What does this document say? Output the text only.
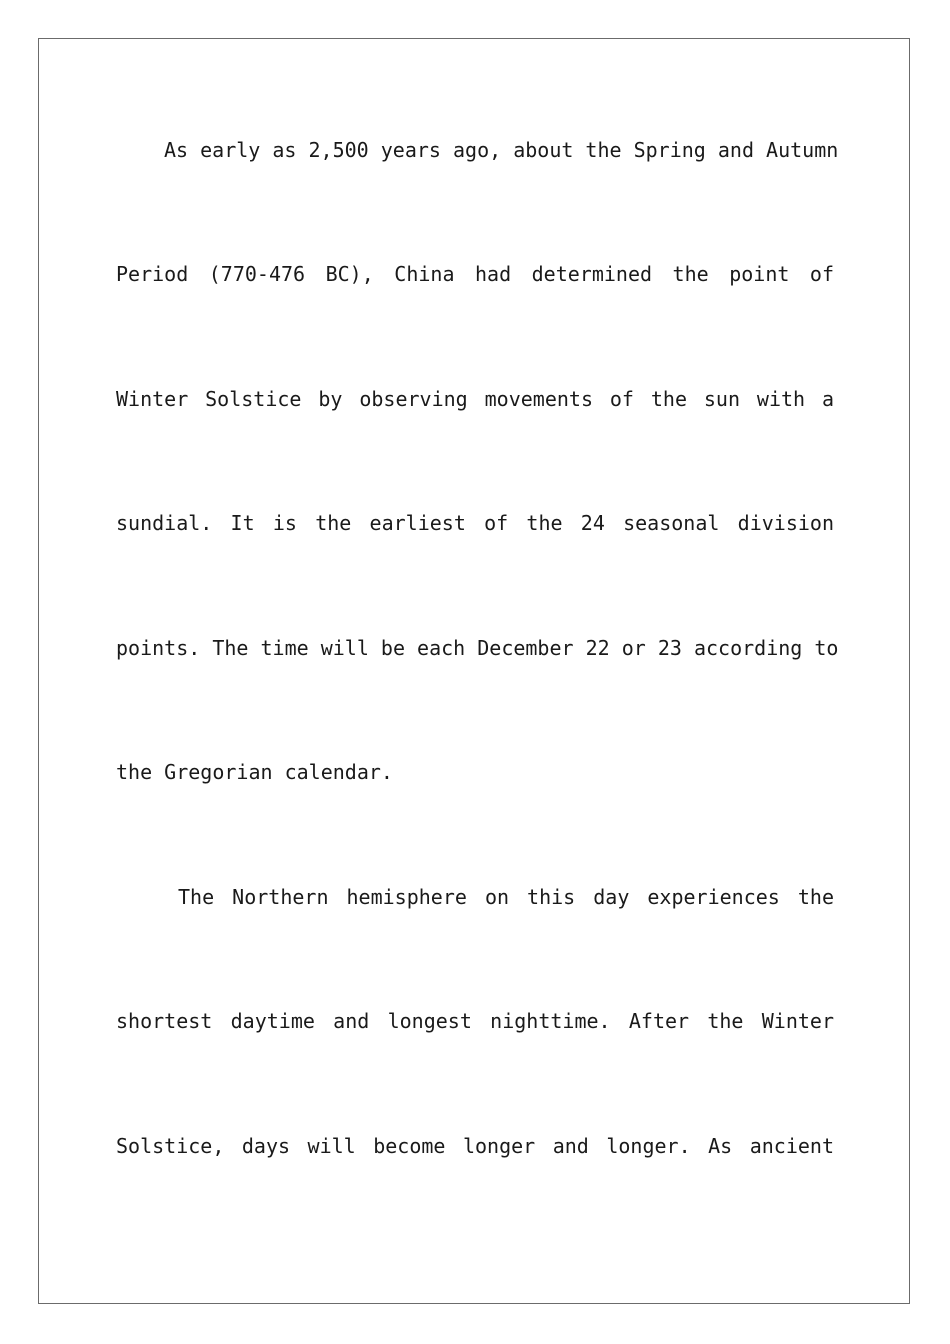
As early as 2,500 years ago, about the Spring and Autumn
Period (770-476 BC), China had determined the point of
Winter Solstice by observing movements of the sun with a
sundial. It is the earliest of the 24 seasonal division
points. The time will be each December 22 or 23 according to
the Gregorian calendar.
The Northern hemisphere on this day experiences the
shortest daytime and longest nighttime. After the Winter
Solstice, days will become longer and longer. As ancient
